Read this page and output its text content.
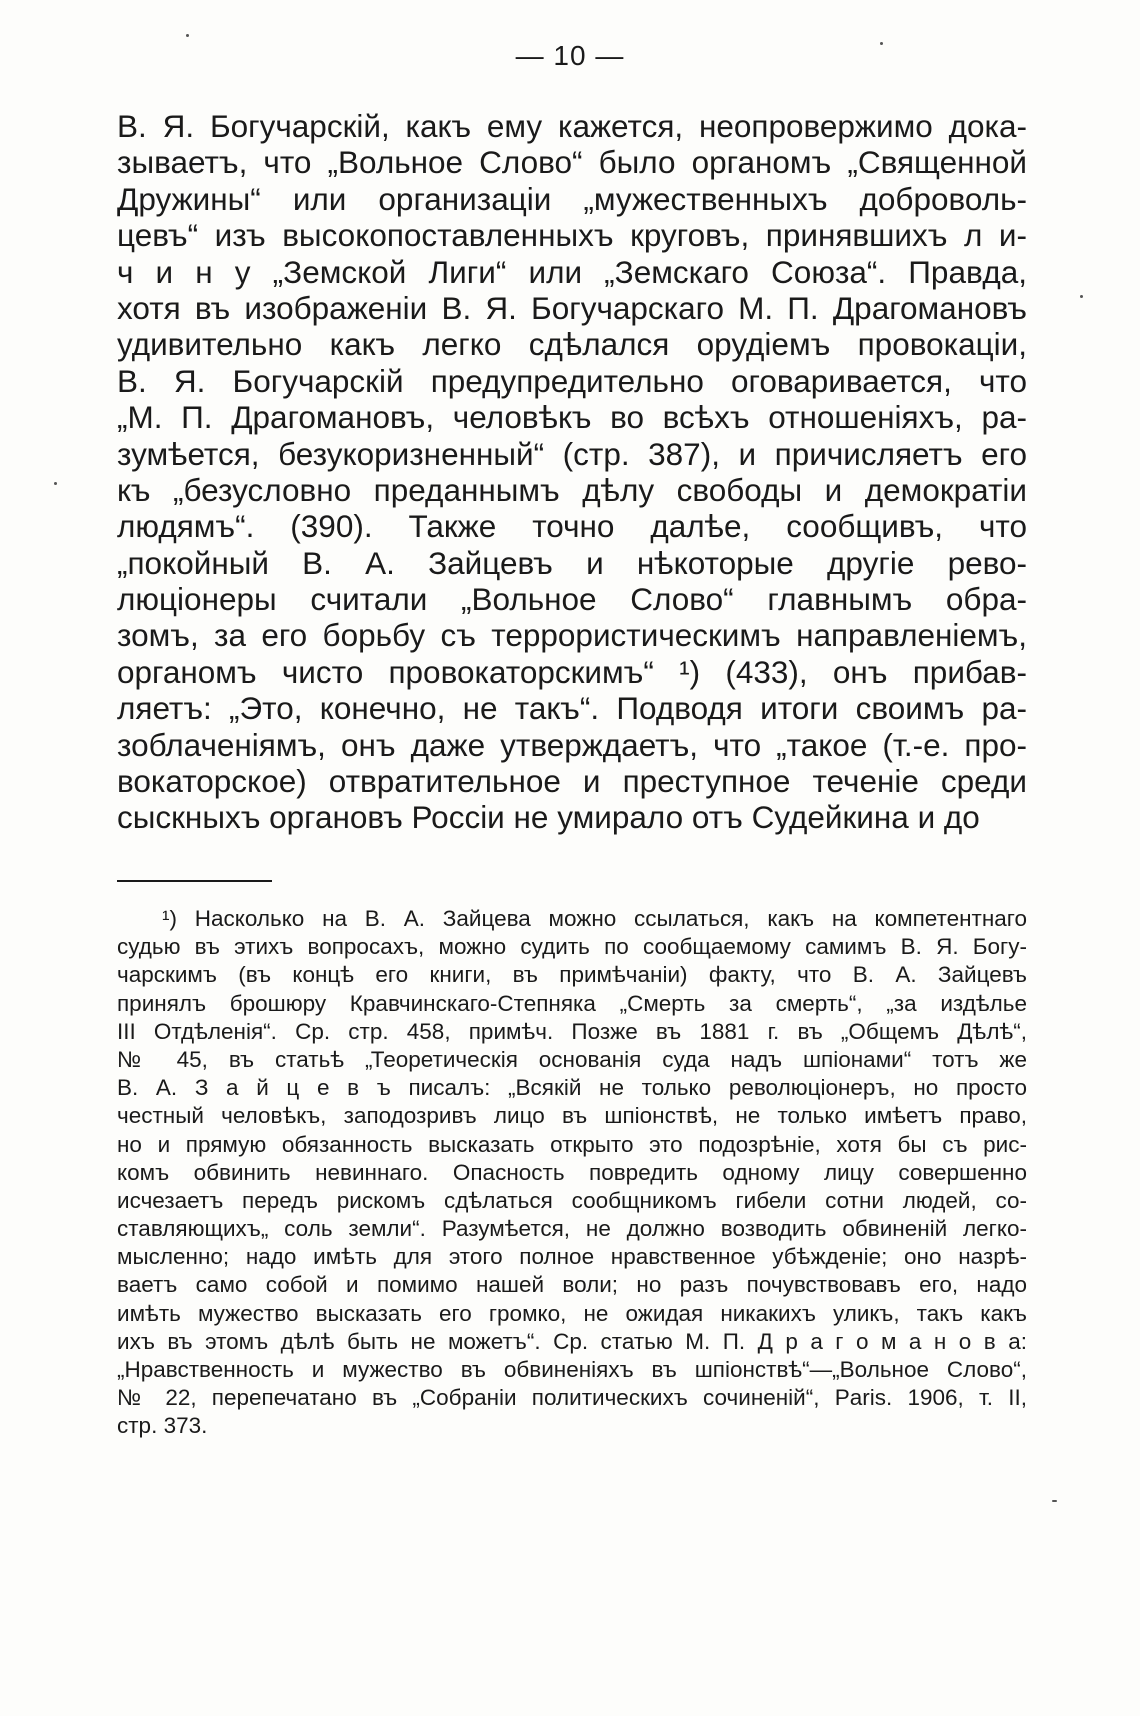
— 10 —
В. Я. Богучарскій, какъ ему кажется, неопровержимо дока-
зываетъ, что „Вольное Слово“ было органомъ „Священной
Дружины“ или организаціи „мужественныхъ доброволь-
цевъ“ изъ высокопоставленныхъ круговъ, принявшихъ л и-
ч и н у „Земской Лиги“ или „Земскаго Союза“. Правда,
хотя въ изображеніи В. Я. Богучарскаго М. П. Драгомановъ
удивительно какъ легко сдѣлался орудіемъ провокаціи,
В. Я. Богучарскій предупредительно оговаривается, что
„М. П. Драгомановъ, человѣкъ во всѣхъ отношеніяхъ, ра-
зумѣется, безукоризненный“ (стр. 387), и причисляетъ его
къ „безусловно преданнымъ дѣлу свободы и демократіи
людямъ“. (390). Также точно далѣе, сообщивъ, что
„покойный В. А. Зайцевъ и нѣкоторые другіе рево-
люціонеры считали „Вольное Слово“ главнымъ обра-
зомъ, за его борьбу съ террористическимъ направленіемъ,
органомъ чисто провокаторскимъ“ ¹) (433), онъ прибав-
ляетъ: „Это, конечно, не такъ“. Подводя итоги своимъ ра-
зоблаченіямъ, онъ даже утверждаетъ, что „такое (т.-е. про-
вокаторское) отвратительное и преступное теченіе среди
сыскныхъ органовъ Россіи не умирало отъ Судейкина и до
¹) Насколько на В. А. Зайцева можно ссылаться, какъ на компетентнаго
судью въ этихъ вопросахъ, можно судить по сообщаемому самимъ В. Я. Богу-
чарскимъ (въ концѣ его книги, въ примѣчаніи) факту, что В. А. Зайцевъ
принялъ брошюру Кравчинскаго-Степняка „Смерть за смерть“, „за издѣлье
III Отдѣленія“. Ср. стр. 458, примѣч. Позже въ 1881 г. въ „Общемъ Дѣлѣ“,
№ 45, въ статьѣ „Теоретическія основанія суда надъ шпіонами“ тотъ же
В. А. З а й ц е в ъ писалъ: „Всякій не только революціонеръ, но просто
честный человѣкъ, заподозривъ лицо въ шпіонствѣ, не только имѣетъ право,
но и прямую обязанность высказать открыто это подозрѣніе, хотя бы съ рис-
комъ обвинить невиннаго. Опасность повредить одному лицу совершенно
исчезаетъ передъ рискомъ сдѣлаться сообщникомъ гибели сотни людей, со-
ставляющихъ„ соль земли“. Разумѣется, не должно возводить обвиненій легко-
мысленно; надо имѣть для этого полное нравственное убѣжденіе; оно назрѣ-
ваетъ само собой и помимо нашей воли; но разъ почувствовавъ его, надо
имѣть мужество высказать его громко, не ожидая никакихъ уликъ, такъ какъ
ихъ въ этомъ дѣлѣ быть не можетъ“. Ср. статью М. П. Д р а г о м а н о в а:
„Нравственность и мужество въ обвиненіяхъ въ шпіонствѣ“—„Вольное Слово“,
№ 22, перепечатано въ „Собраніи политическихъ сочиненій“, Paris. 1906, т. II,
стр. 373.
